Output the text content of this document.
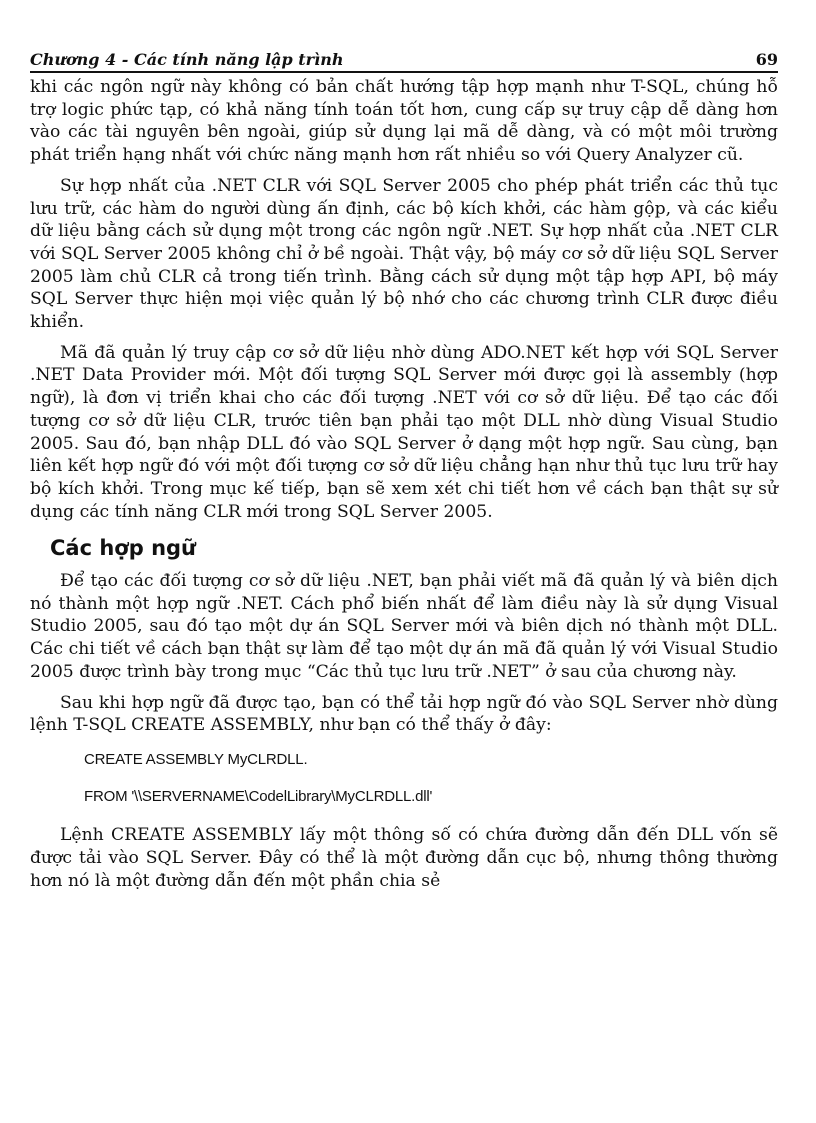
Chương 4 - Các tính năng lập trình	69

khi các ngôn ngữ này không có bản chất hướng tập hợp mạnh như T-SQL, chúng hỗ trợ logic phức tạp, có khả năng tính toán tốt hơn, cung cấp sự truy cập dễ dàng hơn vào các tài nguyên bên ngoài, giúp sử dụng lại mã dễ dàng, và có một môi trường phát triển hạng nhất với chức năng mạnh hơn rất nhiều so với Query Analyzer cũ.

Sự hợp nhất của .NET CLR với SQL Server 2005 cho phép phát triển các thủ tục lưu trữ, các hàm do người dùng ấn định, các bộ kích khởi, các hàm gộp, và các kiểu dữ liệu bằng cách sử dụng một trong các ngôn ngữ .NET. Sự hợp nhất của .NET CLR với SQL Server 2005 không chỉ ở bề ngoài. Thật vậy, bộ máy cơ sở dữ liệu SQL Server 2005 làm chủ CLR cả trong tiến trình. Bằng cách sử dụng một tập hợp API, bộ máy SQL Server thực hiện mọi việc quản lý bộ nhớ cho các chương trình CLR được điều khiển.

Mã đã quản lý truy cập cơ sở dữ liệu nhờ dùng ADO.NET kết hợp với SQL Server .NET Data Provider mới. Một đối tượng SQL Server mới được gọi là assembly (hợp ngữ), là đơn vị triển khai cho các đối tượng .NET với cơ sở dữ liệu. Để tạo các đối tượng cơ sở dữ liệu CLR, trước tiên bạn phải tạo một DLL nhờ dùng Visual Studio 2005. Sau đó, bạn nhập DLL đó vào SQL Server ở dạng một hợp ngữ. Sau cùng, bạn liên kết hợp ngữ đó với một đối tượng cơ sở dữ liệu chẳng hạn như thủ tục lưu trữ hay bộ kích khởi. Trong mục kế tiếp, bạn sẽ xem xét chi tiết hơn về cách bạn thật sự sử dụng các tính năng CLR mới trong SQL Server 2005.

Các hợp ngữ

Để tạo các đối tượng cơ sở dữ liệu .NET, bạn phải viết mã đã quản lý và biên dịch nó thành một hợp ngữ .NET. Cách phổ biến nhất để làm điều này là sử dụng Visual Studio 2005, sau đó tạo một dự án SQL Server mới và biên dịch nó thành một DLL. Các chi tiết về cách bạn thật sự làm để tạo một dự án mã đã quản lý với Visual Studio 2005 được trình bày trong mục “Các thủ tục lưu trữ .NET” ở sau của chương này.

Sau khi hợp ngữ đã được tạo, bạn có thể tải hợp ngữ đó vào SQL Server nhờ dùng lệnh T-SQL CREATE ASSEMBLY, như bạn có thể thấy ở đây:

CREATE ASSEMBLY MyCLRDLL.
FROM '\\SERVERNAME\CodelLibrary\MyCLRDLL.dll'

Lệnh CREATE ASSEMBLY lấy một thông số có chứa đường dẫn đến DLL vốn sẽ được tải vào SQL Server. Đây có thể là một đường dẫn cục bộ, nhưng thông thường hơn nó là một đường dẫn đến một phần chia sẻ
